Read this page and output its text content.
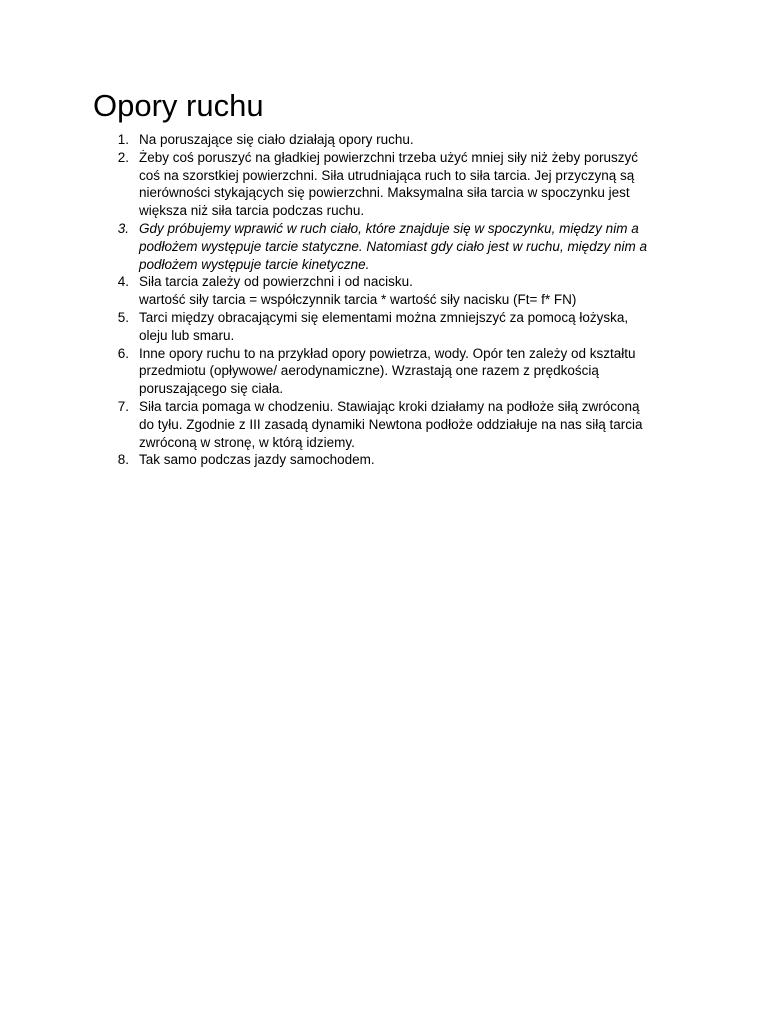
Opory ruchu
1. Na poruszające się ciało działają opory ruchu.
2. Żeby coś poruszyć na gładkiej powierzchni trzeba użyć mniej siły niż żeby poruszyć
coś na szorstkiej powierzchni. Siła utrudniająca ruch to siła tarcia. Jej przyczyną są
nierówności stykających się powierzchni. Maksymalna siła tarcia w spoczynku jest
większa niż siła tarcia podczas ruchu.
3. Gdy próbujemy wprawić w ruch ciało, które znajduje się w spoczynku, między nim a
podłożem występuje tarcie statyczne. Natomiast gdy ciało jest w ruchu, między nim a
podłożem występuje tarcie kinetyczne.
4. Siła tarcia zależy od powierzchni i od nacisku.
wartość siły tarcia = współczynnik tarcia * wartość siły nacisku (Ft= f* FN)
5. Tarci między obracającymi się elementami można zmniejszyć za pomocą łożyska,
oleju lub smaru.
6. Inne opory ruchu to na przykład opory powietrza, wody. Opór ten zależy od kształtu
przedmiotu (opływowe/ aerodynamiczne). Wzrastają one razem z prędkością
poruszającego się ciała.
7. Siła tarcia pomaga w chodzeniu. Stawiając kroki działamy na podłoże siłą zwróconą
do tyłu. Zgodnie z III zasadą dynamiki Newtona podłoże oddziałuje na nas siłą tarcia
zwróconą w stronę, w którą idziemy.
8. Tak samo podczas jazdy samochodem.
